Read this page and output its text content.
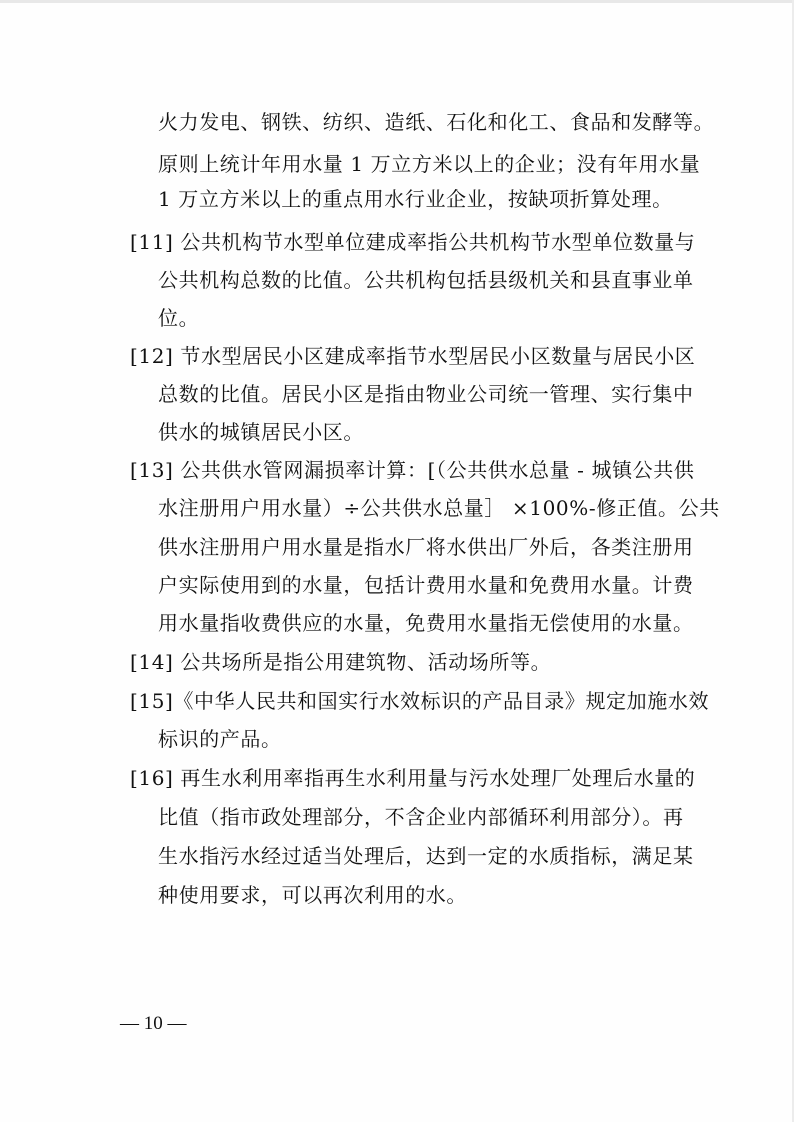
火力发电、钢铁、纺织、造纸、石化和化工、食品和发酵等。
原则上统计年用水量 1 万立方米以上的企业；没有年用水量
1 万立方米以上的重点用水行业企业，按缺项折算处理。
[11] 公共机构节水型单位建成率指公共机构节水型单位数量与
公共机构总数的比值。公共机构包括县级机关和县直事业单
位。
[12] 节水型居民小区建成率指节水型居民小区数量与居民小区
总数的比值。居民小区是指由物业公司统一管理、实行集中
供水的城镇居民小区。
[13] 公共供水管网漏损率计算：[（公共供水总量 - 城镇公共供
水注册用户用水量）÷公共供水总量］ ×100%-修正值。公共
供水注册用户用水量是指水厂将水供出厂外后，各类注册用
户实际使用到的水量，包括计费用水量和免费用水量。计费
用水量指收费供应的水量，免费用水量指无偿使用的水量。
[14] 公共场所是指公用建筑物、活动场所等。
[15]《中华人民共和国实行水效标识的产品目录》规定加施水效
标识的产品。
[16] 再生水利用率指再生水利用量与污水处理厂处理后水量的
比值（指市政处理部分，不含企业内部循环利用部分）。再
生水指污水经过适当处理后，达到一定的水质指标，满足某
种使用要求，可以再次利用的水。
— 10 —
